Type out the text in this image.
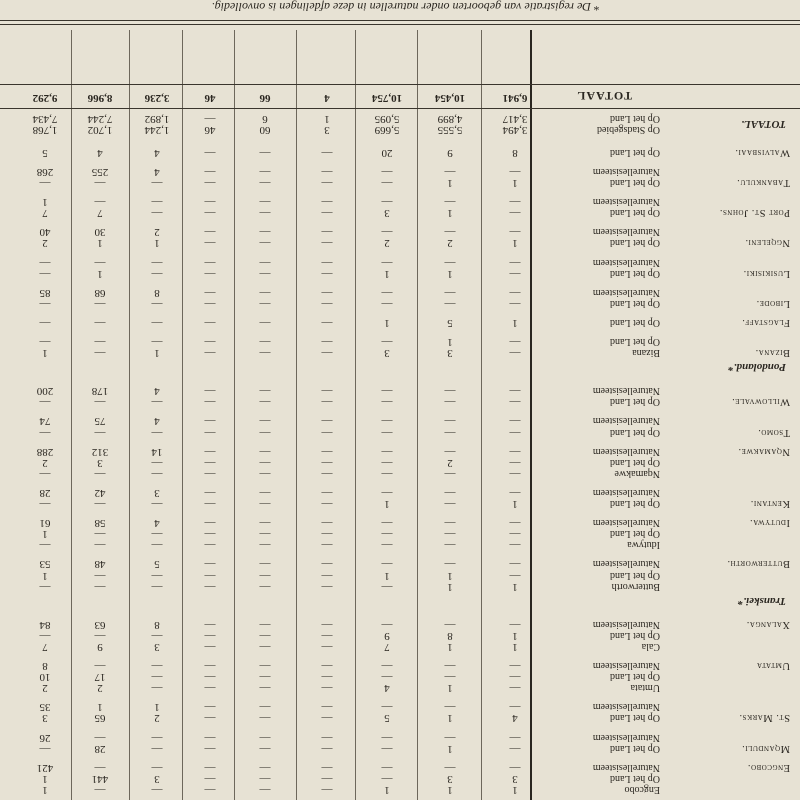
* De registratie van geboorten onder naturellen in deze afdelingen is onvolledig.
Engcobo.
Engcobo
1
1
1
—
—
—
—
—
1
Op het Land
3
3
—
—
—
—
3
441
1
Naturellesisteem
—
—
—
—
—
—
—
—
421
Mqanduli.
Op het Land
—
1
—
—
—
—
—
28
—
Naturellesisteem
—
—
—
—
—
—
—
—
26
St. Marks.
Op het Land
4
1
5
—
—
—
2
65
3
Naturellesisteem
—
—
—
—
—
—
1
1
35
Umtata
Umtata
—
1
4
—
—
—
—
2
2
Op het Land
—
—
—
—
—
—
—
17
10
Naturellesisteem
—
—
—
—
—
—
—
—
8
Xalanga.
Cala
1
1
7
—
—
—
3
9
7
Op het Land
1
8
9
—
—
—
—
—
—
Naturellesisteem
—
—
—
—
—
—
8
63
84
Transkei.*
Butterworth.
Butterworth
1
1
—
—
—
—
—
—
—
Op het Land
—
1
1
—
—
—
—
—
1
Naturellesisteem
—
—
—
—
—
—
5
48
53
Idutywa.
Idutywa
—
—
—
—
—
—
—
—
—
Op het Land
—
—
—
—
—
—
—
—
1
Naturellesisteem
—
—
—
—
—
—
4
58
61
Kentani.
Op het Land
1
—
1
—
—
—
—
—
—
Naturellesisteem
—
—
—
—
—
—
3
42
28
Nqamakwe.
Nqamakwe
—
—
—
—
—
—
—
—
—
Op het Land
—
2
—
—
—
—
—
3
2
Naturellesisteem
—
—
—
—
—
—
14
312
288
Tsomo.
Op het Land
—
—
—
—
—
—
—
—
—
Naturellesisteem
—
—
—
—
—
—
4
75
74
Willowvale.
Op het Land
—
—
—
—
—
—
—
—
—
Naturellesisteem
—
—
—
—
—
—
4
178
200
Pondoland.*
Bizana.
Bizana
—
3
3
—
—
—
1
—
1
Op het Land
—
1
—
—
—
—
—
—
—
Flagstaff.
Op het Land
1
5
1
—
—
—
—
—
—
Libode.
Op het Land
—
—
—
—
—
—
—
—
—
Naturellesisteem
—
—
—
—
—
—
8
68
85
Lusikisiki.
Op het Land
—
1
1
—
—
—
—
1
—
Naturellesisteem
—
—
—
—
—
—
—
—
—
Ngqeleni.
Op het Land
1
2
2
—
—
—
1
1
2
Naturellesisteem
—
—
—
—
—
—
2
30
40
Port St. Johns.
Op het Land
—
1
3
—
—
—
—
7
7
Naturellesisteem
—
—
—
—
—
—
—
—
1
Tabankulu.
Op het Land
1
1
—
—
—
—
—
—
—
Naturellesisteem
—
—
—
—
—
—
4
255
268
Walvisbaai.
Op het Land
8
9
20
—
—
—
4
4
5
TOTAAL.
Op Stadsgebied
3,494
5,555
5,669
3
60
46
1,244
1,702
1,768
Op het Land
3,417
4,899
5,095
1
6
—
1,892
7,244
7,434
TOTAAL
6,941
10,454
10,754
4
66
46
3,236
8,966
9,292
